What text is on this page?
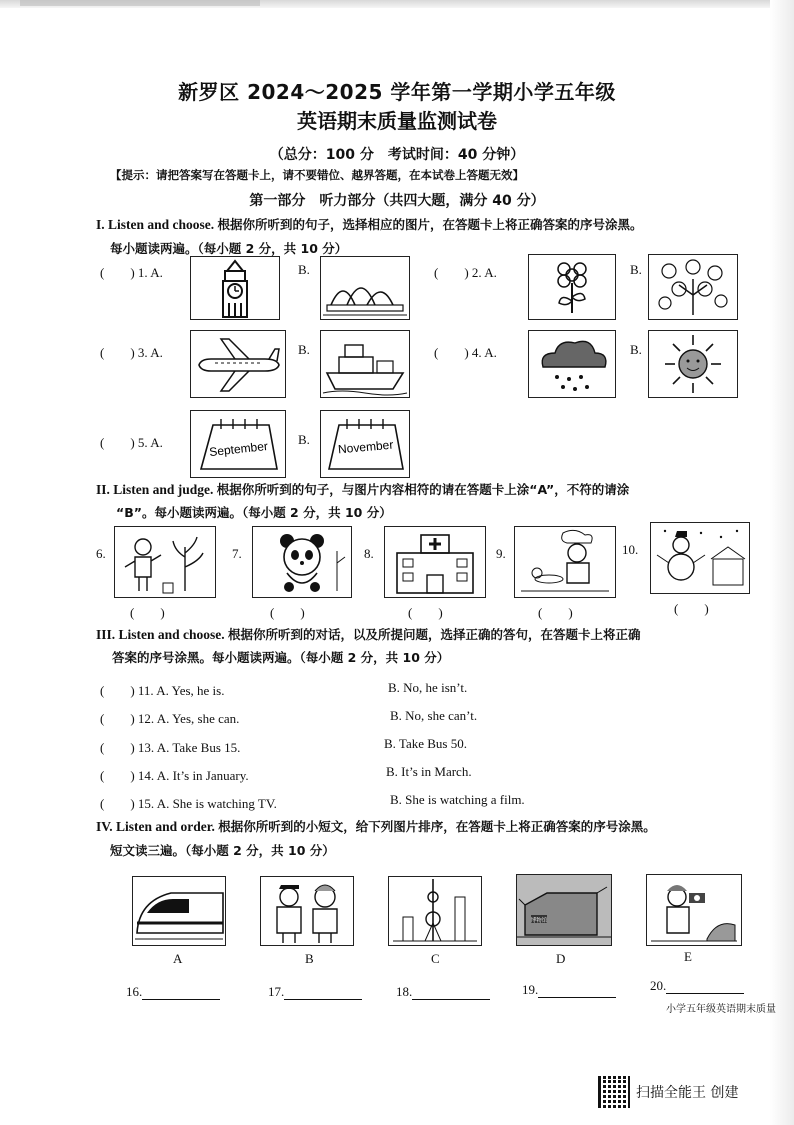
新罗区 2024～2025 学年第一学期小学五年级
英语期末质量监测试卷
（总分：100 分　考试时间：40 分钟）
【提示：请把答案写在答题卡上，请不要错位、越界答题，在本试卷上答题无效】
第一部分　听力部分（共四大题，满分 40 分）
I. Listen and choose. 根据你所听到的句子，选择相应的图片，在答题卡上将正确答案的序号涂黑。
每小题读两遍。（每小题 2 分，共 10 分）
(　　) 1. A.	B.	(　　) 2. A.	B.
(　　) 3. A.	B.	(　　) 4. A.	B.
(　　) 5. A.	September B. November
II. Listen and judge. 根据你所听到的句子，与图片内容相符的请在答题卡上涂“A”，不符的请涂
“B”。每小题读两遍。（每小题 2 分，共 10 分）
6.
(　　)
7.
(　　)
8.
(　　)
9.
(　　)
10.
(　　)
III. Listen and choose. 根据你所听到的对话，以及所提问题，选择正确的答句，在答题卡上将正确
答案的序号涂黑。每小题读两遍。（每小题 2 分，共 10 分）
(　　) 11. A. Yes, he is.	B. No, he isn’t.
(　　) 12. A. Yes, she can.	B. No, she can’t.
(　　) 13. A. Take Bus 15.	B. Take Bus 50.
(　　) 14. A. It’s in January.	B. It’s in March.
(　　) 15. A. She is watching TV.	B. She is watching a film.
IV. Listen and order. 根据你所听到的小短文，给下列图片排序，在答题卡上将正确答案的序号涂黑。
短文读三遍。（每小题 2 分，共 10 分）
A	B	C
博物馆
D	E
16.	17.	18.	19.	20.
小学五年级英语期末质量
扫描全能王 创建
